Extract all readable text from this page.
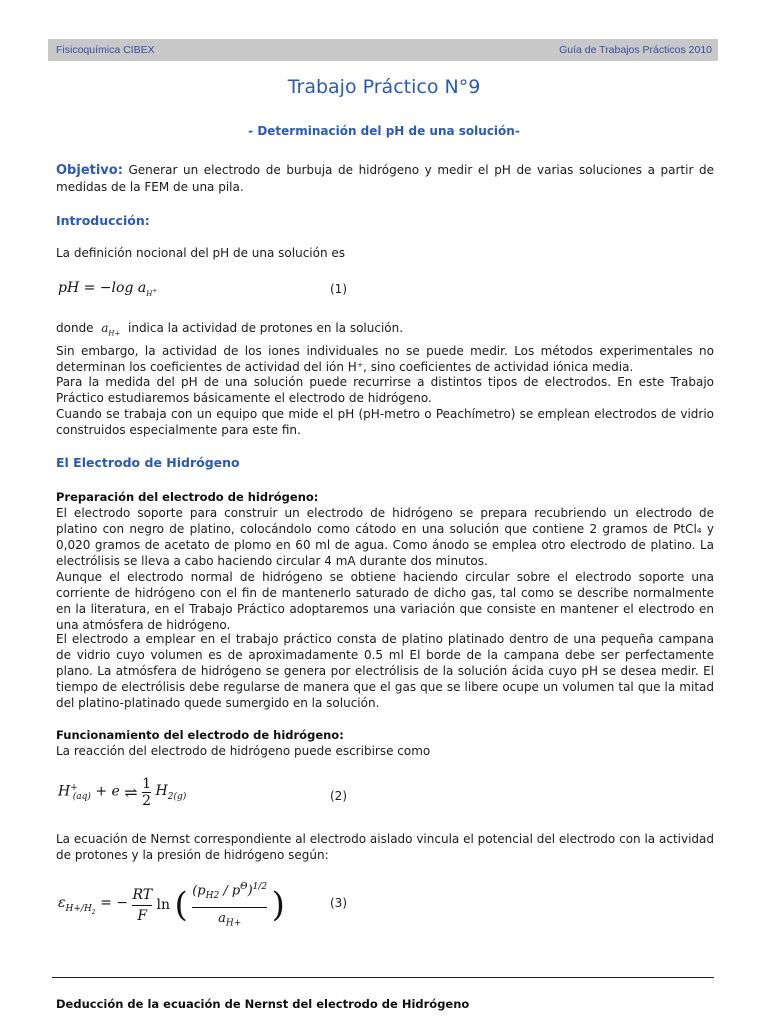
Fisicoquímica CIBEX	Guía de Trabajos Prácticos 2010
Trabajo Práctico N°9
- Determinación del pH de una solución-

Objetivo: Generar un electrodo de burbuja de hidrógeno y medir el pH de varias soluciones a partir de medidas de la FEM de una pila.

Introducción:

La definición nocional del pH de una solución es

pH = −log $a_{H^+}$	(1)

donde $a_{H+}$ indica la actividad de protones en la solución.

Sin embargo, la actividad de los iones individuales no se puede medir. Los métodos experimentales no determinan los coeficientes de actividad del ión H⁺, sino coeficientes de actividad iónica media.

Para la medida del pH de una solución puede recurrirse a distintos tipos de electrodos. En este Trabajo Práctico estudiaremos básicamente el electrodo de hidrógeno.

Cuando se trabaja con un equipo que mide el pH (pH-metro o Peachímetro) se emplean electrodos de vidrio construidos especialmente para este fin.

El Electrodo de Hidrógeno
Preparación del electrodo de hidrógeno:

El electrodo soporte para construir un electrodo de hidrógeno se prepara recubriendo un electrodo de platino con negro de platino, colocándolo como cátodo en una solución que contiene 2 gramos de PtCl₄ y 0,020 gramos de acetato de plomo en 60 ml de agua. Como ánodo se emplea otro electrodo de platino. La electrólisis se lleva a cabo haciendo circular 4 mA durante dos minutos.

Aunque el electrodo normal de hidrógeno se obtiene haciendo circular sobre el electrodo soporte una corriente de hidrógeno con el fin de mantenerlo saturado de dicho gas, tal como se describe normalmente en la literatura, en el Trabajo Práctico adoptaremos una variación que consiste en mantener el electrodo en una atmósfera de hidrógeno.

El electrodo a emplear en el trabajo práctico consta de platino platinado dentro de una pequeña campana de vidrio cuyo volumen es de aproximadamente 0.5 ml El borde de la campana debe ser perfectamente plano. La atmósfera de hidrógeno se genera por electrólisis de la solución ácida cuyo pH se desea medir. El tiempo de electrólisis debe regularse de manera que el gas que se libere ocupe un volumen tal que la mitad del platino-platinado quede sumergido en la solución.

Funcionamiento del electrodo de hidrógeno:

La reacción del electrodo de hidrógeno puede escribirse como

$H^+_{(aq)} + e$ ⇌ 1

2
$H_{2(g)}$	(2)

La ecuación de Nernst correspondiente al electrodo aislado vincula el potencial del electrodo con la actividad de protones y la presión de hidrógeno según:

$\varepsilon_{H+/H_2}$ = − RT

F
ln ( $(p_{H2} / p^\Theta)^{1/2}$

$a_{H+}$ )	(3)
Deducción de la ecuación de Nernst del electrodo de Hidrógeno
